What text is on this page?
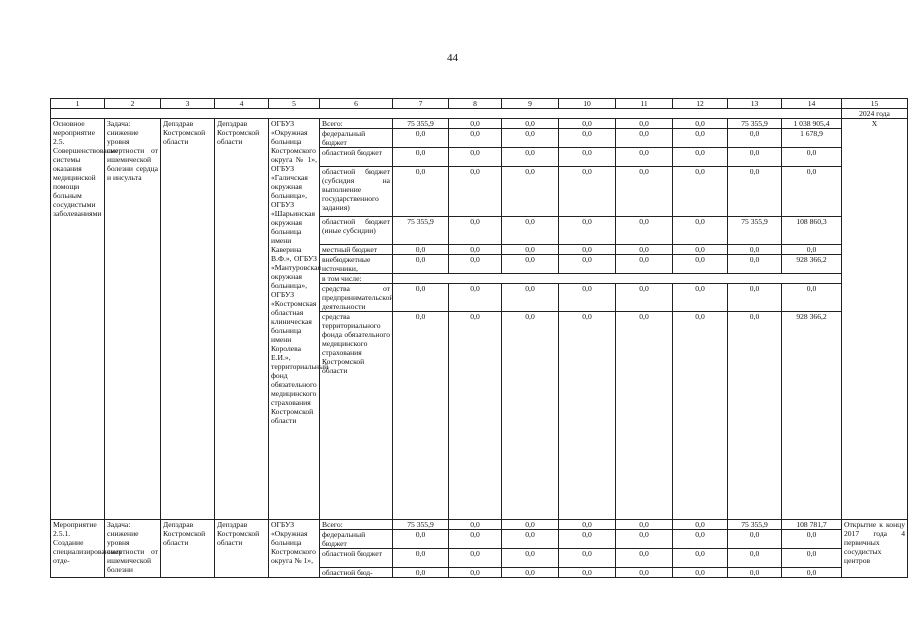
44
1	2	3	4	5	6	7	8	9	10	11	12	13	14	15
														2024 года
Основное мероприятие 2.5. Совершенствование системы оказания медицинской помощи больным сосудистыми заболеваниями	Задача: снижение уровня смертности от ишемической болезни сердца и инсульта	Депздрав Костромской области	Депздрав Костромской области	ОГБУЗ «Окружная больница Костромского округа № 1», ОГБУЗ «Галичская окружная больница», ОГБУЗ «Шарьинская окружная больница имени Каверина В.Ф.», ОГБУЗ «Мантуровская окружная больница», ОГБУЗ «Костромская областная клиническая больница имени Королева Е.И.», территориальный фонд обязательного медицинского страхования Костромской области	Всего:	75 355,9	0,0	0,0	0,0	0,0	0,0	75 355,9	1 038 905,4	Х
					федеральный бюджет	0,0	0,0	0,0	0,0	0,0	0,0	0,0	1 678,9	
					областной бюджет	0,0	0,0	0,0	0,0	0,0	0,0	0,0	0,0	
					областной бюджет (субсидия на выполнение государственного задания)	0,0	0,0	0,0	0,0	0,0	0,0	0,0	0,0	
					областной бюджет (иные субсидии)	75 355,9	0,0	0,0	0,0	0,0	0,0	75 355,9	108 860,3	
					местный бюджет	0,0	0,0	0,0	0,0	0,0	0,0	0,0	0,0	
					внебюджетные источники,	0,0	0,0	0,0	0,0	0,0	0,0	0,0	928 366,2	
					в том числе:									
					средства от предпринимательской деятельности	0,0	0,0	0,0	0,0	0,0	0,0	0,0	0,0	
					средства территориального фонда обязательного медицинского страхования Костромской области	0,0	0,0	0,0	0,0	0,0	0,0	0,0	928 366,2	
Мероприятие 2.5.1. Создание специализированных отде-	Задача: снижение уровня смертности от ишемической болезни	Депздрав Костромской области	Депздрав Костромской области	ОГБУЗ «Окружная больница Костромского округа № 1»,	Всего:	75 355,9	0,0	0,0	0,0	0,0	0,0	75 355,9	108 781,7	Открытие к концу 2017 года 4 первичных сосудистых центров
					федеральный бюджет	0,0	0,0	0,0	0,0	0,0	0,0	0,0	0,0	
					областной бюджет	0,0	0,0	0,0	0,0	0,0	0,0	0,0	0,0	
					областной бюд-	0,0	0,0	0,0	0,0	0,0	0,0	0,0	0,0	
